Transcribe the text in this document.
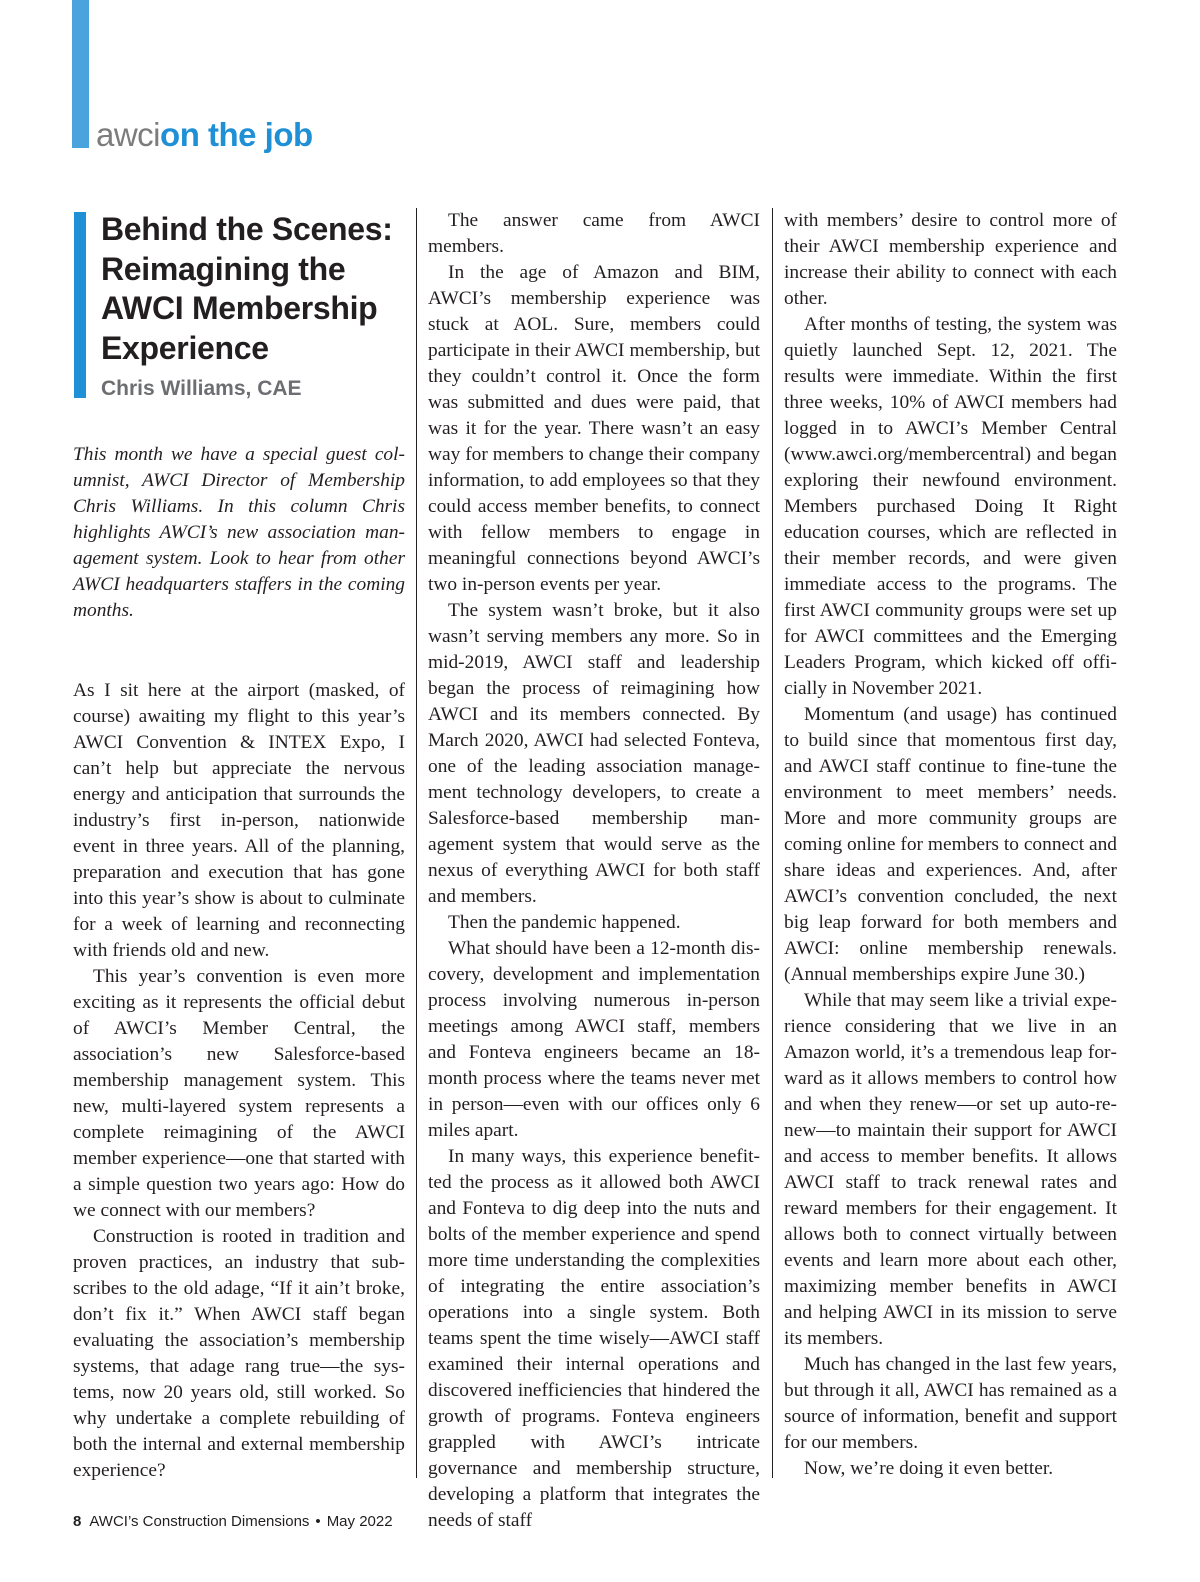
awcion the job
Behind the Scenes:
Reimagining the
AWCI Membership
Experience

Chris Williams, CAE

This month we have a special guest columnist, AWCI Director of Membership Chris Williams. In this column Chris highlights AWCI’s new association management system. Look to hear from other AWCI headquarters staffers in the coming months.

As I sit here at the airport (masked, of course) awaiting my flight to this year’s AWCI Convention & INTEX Expo, I can’t help but appreciate the nervous energy and anticipation that surrounds the industry’s first in-person, nationwide event in three years. All of the planning, preparation and execution that has gone into this year’s show is about to culminate for a week of learning and reconnecting with friends old and new.

This year’s convention is even more exciting as it represents the official debut of AWCI’s Member Central, the association’s new Salesforce-based membership management system. This new, multi-layered system represents a complete reimagining of the AWCI member experience—one that started with a simple question two years ago: How do we connect with our members?

Construction is rooted in tradition and proven practices, an industry that subscribes to the old adage, “If it ain’t broke, don’t fix it.” When AWCI staff began evaluating the association’s membership systems, that adage rang true—the systems, now 20 years old, still worked. So why undertake a complete rebuilding of both the internal and external membership experience?

The answer came from AWCI members.

In the age of Amazon and BIM, AWCI’s membership experience was stuck at AOL. Sure, members could participate in their AWCI membership, but they couldn’t control it. Once the form was submitted and dues were paid, that was it for the year. There wasn’t an easy way for members to change their company information, to add employees so that they could access member benefits, to connect with fellow members to engage in meaningful connections beyond AWCI’s two in-person events per year.

The system wasn’t broke, but it also wasn’t serving members any more. So in mid-2019, AWCI staff and leadership began the process of reimagining how AWCI and its members connected. By March 2020, AWCI had selected Fonteva, one of the leading association management technology developers, to create a Salesforce-based membership management system that would serve as the nexus of everything AWCI for both staff and members.

Then the pandemic happened.

What should have been a 12-month discovery, development and implementation process involving numerous in-person meetings among AWCI staff, members and Fonteva engineers became an 18-month process where the teams never met in person—even with our offices only 6 miles apart.

In many ways, this experience benefitted the process as it allowed both AWCI and Fonteva to dig deep into the nuts and bolts of the member experience and spend more time understanding the complexities of integrating the entire association’s operations into a single system. Both teams spent the time wisely—AWCI staff examined their internal operations and discovered inefficiencies that hindered the growth of programs. Fonteva engineers grappled with AWCI’s intricate governance and membership structure, developing a platform that integrates the needs of staff

with members’ desire to control more of their AWCI membership experience and increase their ability to connect with each other.

After months of testing, the system was quietly launched Sept. 12, 2021. The results were immediate. Within the first three weeks, 10% of AWCI members had logged in to AWCI’s Member Central (www.awci.org/membercentral) and began exploring their newfound environment. Members purchased Doing It Right education courses, which are reflected in their member records, and were given immediate access to the programs. The first AWCI community groups were set up for AWCI committees and the Emerging Leaders Program, which kicked off officially in November 2021.

Momentum (and usage) has continued to build since that momentous first day, and AWCI staff continue to fine-tune the environment to meet members’ needs. More and more community groups are coming online for members to connect and share ideas and experiences. And, after AWCI’s convention concluded, the next big leap forward for both members and AWCI: online membership renewals. (Annual memberships expire June 30.)

While that may seem like a trivial experience considering that we live in an Amazon world, it’s a tremendous leap forward as it allows members to control how and when they renew—or set up auto-renew—to maintain their support for AWCI and access to member benefits. It allows AWCI staff to track renewal rates and reward members for their engagement. It allows both to connect virtually between events and learn more about each other, maximizing member benefits in AWCI and helping AWCI in its mission to serve its members.

Much has changed in the last few years, but through it all, AWCI has remained as a source of information, benefit and support for our members.

Now, we’re doing it even better.

8 AWCI’s Construction Dimensions • May 2022
